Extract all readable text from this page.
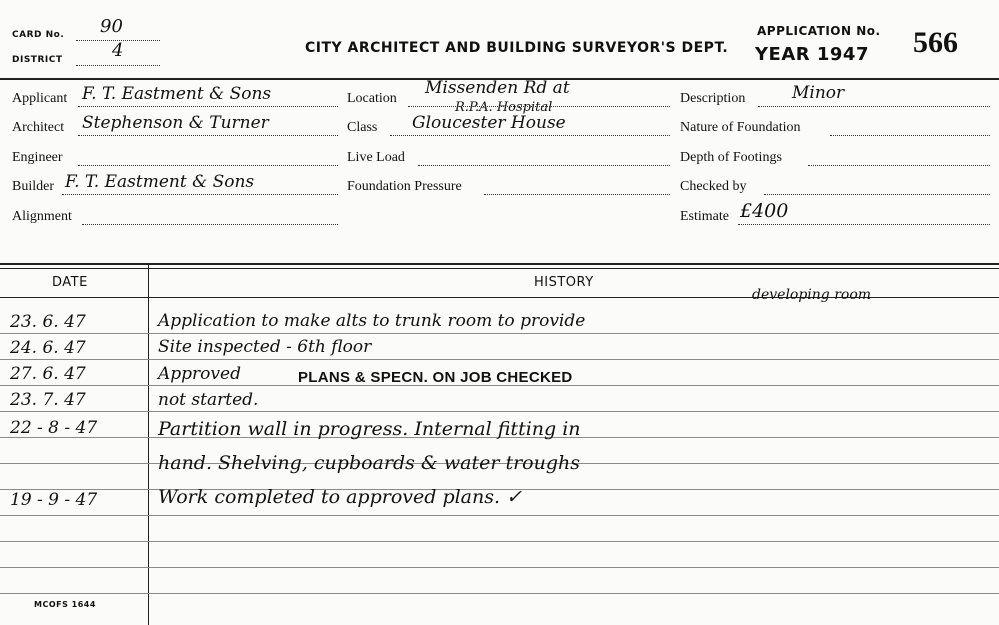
CARD No. 90
DISTRICT	4	CITY ARCHITECT AND BUILDING SURVEYOR'S DEPT.
APPLICATION No.
YEAR 1947 566
Applicant F. T. Eastment & Sons
Architect Stephenson & Turner
Engineer
Builder F. T. Eastment & Sons
Alignment
Location
Missenden Rd at
R.P.A. Hospital
Class Gloucester House
Live Load
Foundation Pressure
Description	Minor
Nature of Foundation
Depth of Footings
Checked by
Estimate £400
DATE	HISTORY
developing room
23. 6. 47	Application to make alts to trunk room to provide
24. 6. 47	Site inspected - 6th floor
27. 6. 47	Approved	PLANS & SPECN. ON JOB CHECKED
23. 7. 47	not started.
22 - 8 - 47	Partition wall in progress. Internal fitting in
hand. Shelving, cupboards & water troughs
19 - 9 - 47	Work completed to approved plans. ✓
MCOFS 1644
